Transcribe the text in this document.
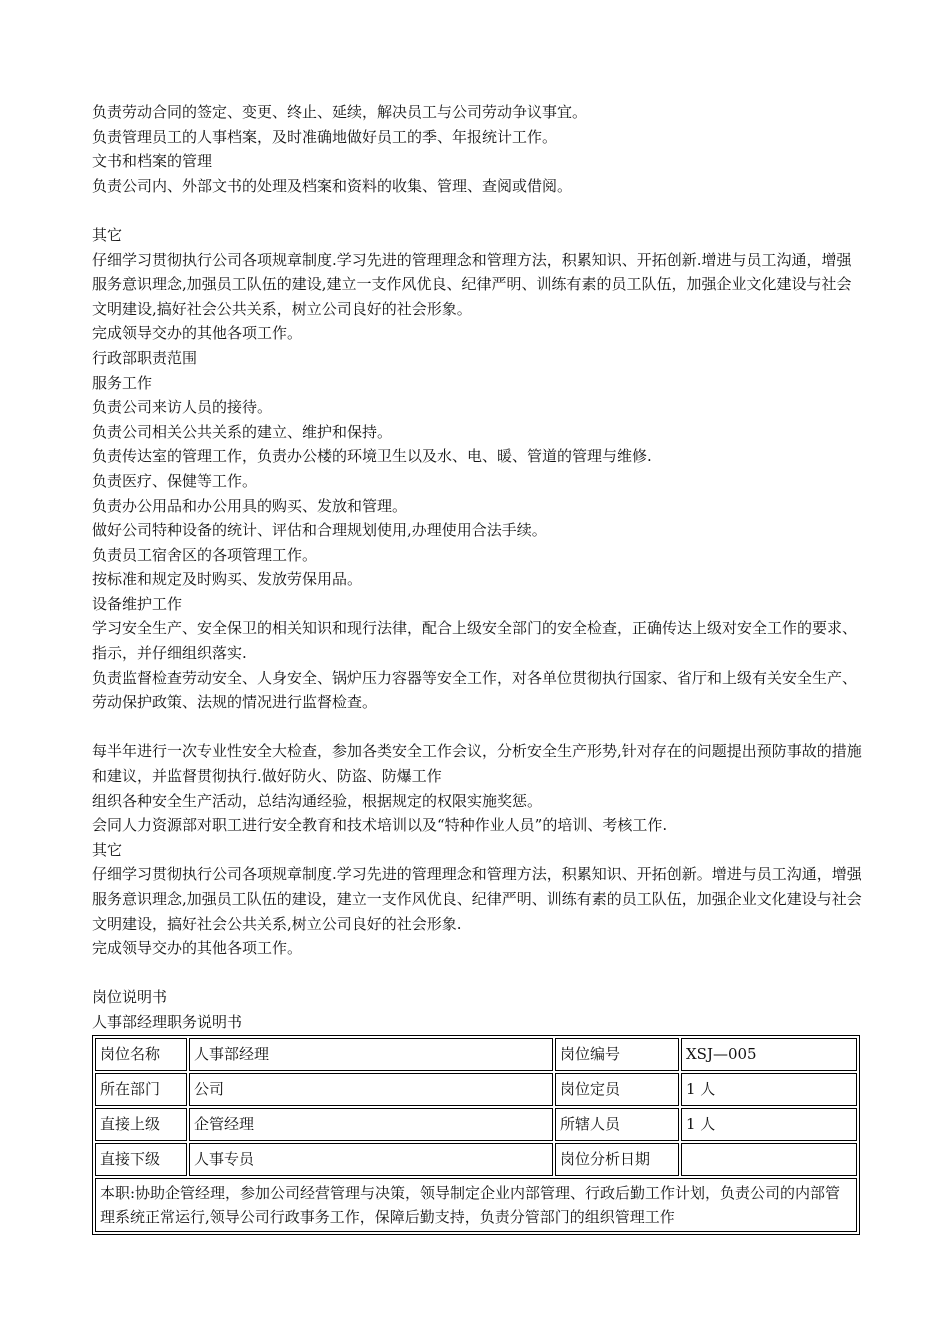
负责劳动合同的签定、变更、终止、延续，解决员工与公司劳动争议事宜。

负责管理员工的人事档案，及时准确地做好员工的季、年报统计工作。

文书和档案的管理

负责公司内、外部文书的处理及档案和资料的收集、管理、查阅或借阅。

其它

仔细学习贯彻执行公司各项规章制度.学习先进的管理理念和管理方法，积累知识、开拓创新.增进与员工沟通，增强服务意识理念,加强员工队伍的建设,建立一支作风优良、纪律严明、训练有素的员工队伍，加强企业文化建设与社会文明建设,搞好社会公共关系，树立公司良好的社会形象。

完成领导交办的其他各项工作。

行政部职责范围

服务工作

负责公司来访人员的接待。

负责公司相关公共关系的建立、维护和保持。

负责传达室的管理工作，负责办公楼的环境卫生以及水、电、暖、管道的管理与维修.

负责医疗、保健等工作。

负责办公用品和办公用具的购买、发放和管理。

做好公司特种设备的统计、评估和合理规划使用,办理使用合法手续。

负责员工宿舍区的各项管理工作。

按标准和规定及时购买、发放劳保用品。

设备维护工作

学习安全生产、安全保卫的相关知识和现行法律，配合上级安全部门的安全检查，正确传达上级对安全工作的要求、指示，并仔细组织落实.

负责监督检查劳动安全、人身安全、锅炉压力容器等安全工作，对各单位贯彻执行国家、省厅和上级有关安全生产、劳动保护政策、法规的情况进行监督检查。

每半年进行一次专业性安全大检查，参加各类安全工作会议，分析安全生产形势,针对存在的问题提出预防事故的措施和建议，并监督贯彻执行.做好防火、防盗、防爆工作

组织各种安全生产活动，总结沟通经验，根据规定的权限实施奖惩。

会同人力资源部对职工进行安全教育和技术培训以及“特种作业人员”的培训、考核工作.

其它

仔细学习贯彻执行公司各项规章制度.学习先进的管理理念和管理方法，积累知识、开拓创新。增进与员工沟通，增强服务意识理念,加强员工队伍的建设，建立一支作风优良、纪律严明、训练有素的员工队伍，加强企业文化建设与社会文明建设，搞好社会公共关系,树立公司良好的社会形象.

完成领导交办的其他各项工作。

岗位说明书

人事部经理职务说明书

岗位名称	人事部经理	岗位编号	XSJ—005
所在部门	公司	岗位定员	1 人
直接上级	企管经理	所辖人员	1 人
直接下级	人事专员	岗位分析日期	
本职:协助企管经理，参加公司经营管理与决策，领导制定企业内部管理、行政后勤工作计划，负责公司的内部管理系统正常运行,领导公司行政事务工作，保障后勤支持，负责分管部门的组织管理工作			
